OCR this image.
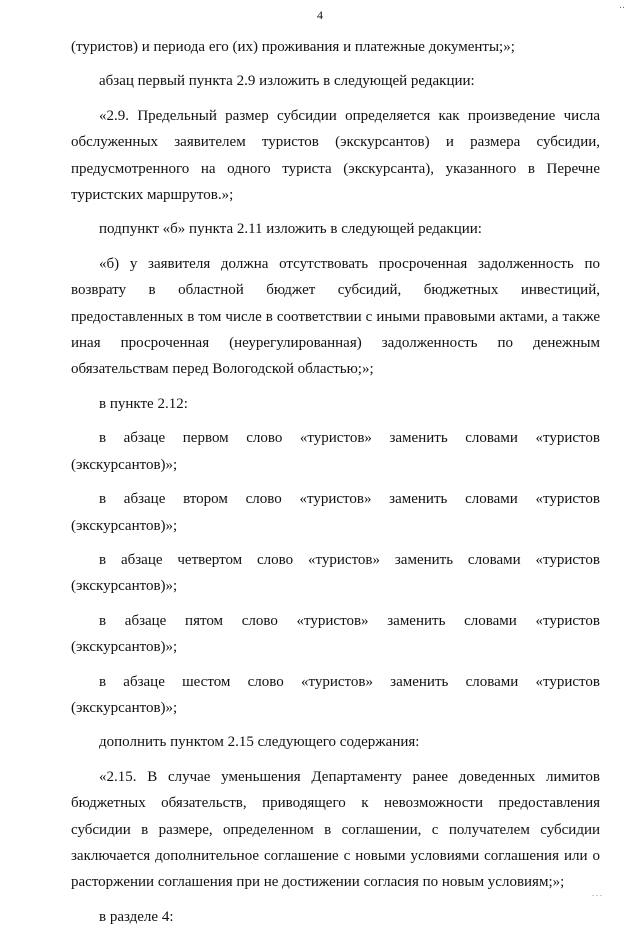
‥
4

(туристов) и периода его (их) проживания и платежные документы;»;

абзац первый пункта 2.9 изложить в следующей редакции:

«2.9. Предельный размер субсидии определяется как произведение числа обслуженных заявителем туристов (экскурсантов) и размера субсидии, предусмотренного на одного туриста (экскурсанта), указанного в Перечне туристских маршрутов.»;

подпункт «б» пункта 2.11 изложить в следующей редакции:

«б) у заявителя должна отсутствовать просроченная задолженность по возврату в областной бюджет субсидий, бюджетных инвестиций, предоставленных в том числе в соответствии с иными правовыми актами, а также иная просроченная (неурегулированная) задолженность по денежным обязательствам перед Вологодской областью;»;

в пункте 2.12:

в абзаце первом слово «туристов» заменить словами «туристов (экскурсантов)»;

в абзаце втором слово «туристов» заменить словами «туристов (экскурсантов)»;

в абзаце четвертом слово «туристов» заменить словами «туристов (экскурсантов)»;

в абзаце пятом слово «туристов» заменить словами «туристов (экскурсантов)»;

в абзаце шестом слово «туристов» заменить словами «туристов (экскурсантов)»;

дополнить пунктом 2.15 следующего содержания:

«2.15. В случае уменьшения Департаменту ранее доведенных лимитов бюджетных обязательств, приводящего к невозможности предоставления субсидии в размере, определенном в соглашении, с получателем субсидии заключается дополнительное соглашение с новыми условиями соглашения или о расторжении соглашения при не достижении согласия по новым условиям;»;

в разделе 4:

...
